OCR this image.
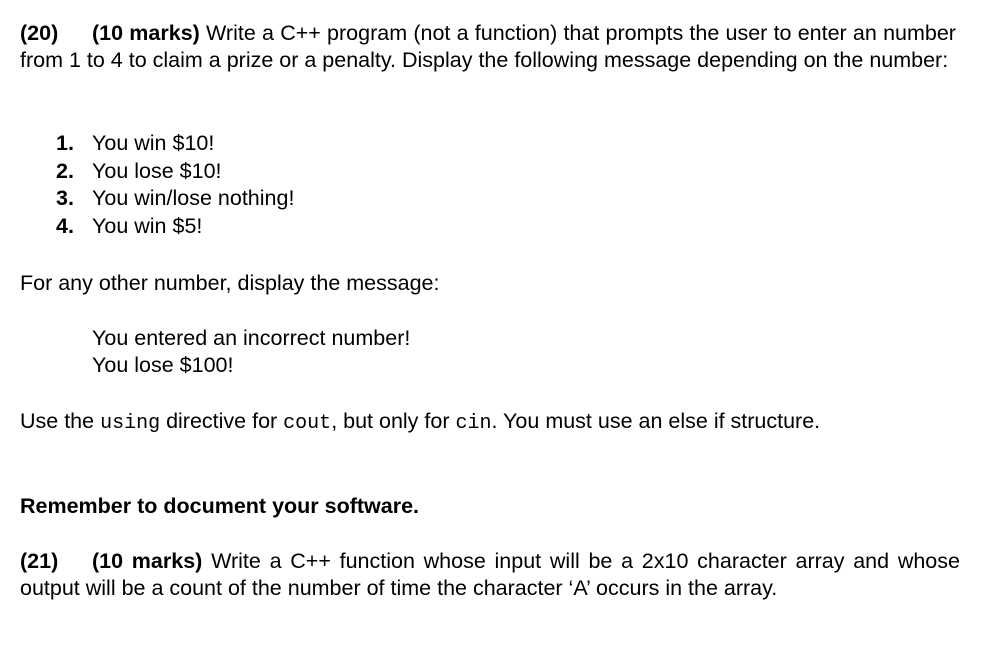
(20) (10 marks) Write a C++ program (not a function) that prompts the user to enter an number from 1 to 4 to claim a prize or a penalty. Display the following message depending on the number:

1. You win $10!
2. You lose $10!
3. You win/lose nothing!
4. You win $5!

For any other number, display the message:

You entered an incorrect number!

You lose $100!

Use the using directive for cout, but only for cin. You must use an else if structure.

Remember to document your software.

(21) (10 marks) Write a C++ function whose input will be a 2x10 character array and whose output will be a count of the number of time the character ‘A’ occurs in the array.
